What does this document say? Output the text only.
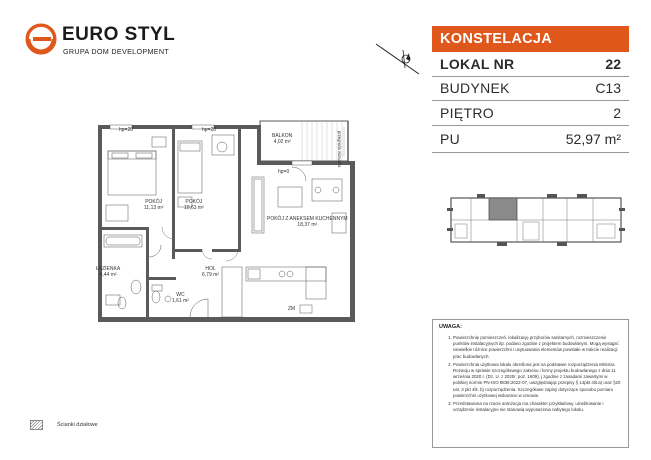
EURO STYL
GRUPA DOM DEVELOPMENT
KONSTELACJA
LOKAL NR	22
BUDYNEK	C13
PIĘTRO	2
PU	52,97 m²
hp=20	hp=20
hp=0
przegroda wizualna
BALKON
4,02 m²
POKÓJ
11,13 m²
POKÓJ
10,63 m²
POKÓJ Z ANEKSEM KUCHENNYM
18,37 m²
ŁAZIENKA
4,44 m²
HOL
6,79 m²
WC
1,61 m²
ZM
UWAGA:
1. Powierzchnię pomieszczeń, lokalizację przyborów sanitarnych, rozmieszczenie punktów instalacyjnych itp. podano zgodnie z projektem budowlanym. Mogą wystąpić niewielkie różnice powierzchni i usytuowania elementów powstałe w trakcie realizacji prac budowlanych.
2. Powierzchnia użytkowa lokalu określona jest na podstawie rozporządzenia Ministra Rozwoju w sprawie szczegółowego zakresu i formy projektu budowlanego z dnia 11 września 2020 r. (Dz. U. z 2020r. poz. 1609), j zgodnie z zasadami zawartymi w polskiej normie PN-ISO 9836:2022-07, uwzględniając przepisy § 14pkt 4lit.a) oraz §20 ust. 3 pkt 4lit. b) rozporządzenia. Szczegółowe zapisy dotyczące sposobu pomiaru powierzchni użytkowej wskazano w umowie.
3. Przedstawiona na rzucie aranżacja ma charakter przykładowy, umeblowanie i urządzenie instalacyjne nie stanowią wyposażenia nabytego lokalu.
Ścianki działowe
